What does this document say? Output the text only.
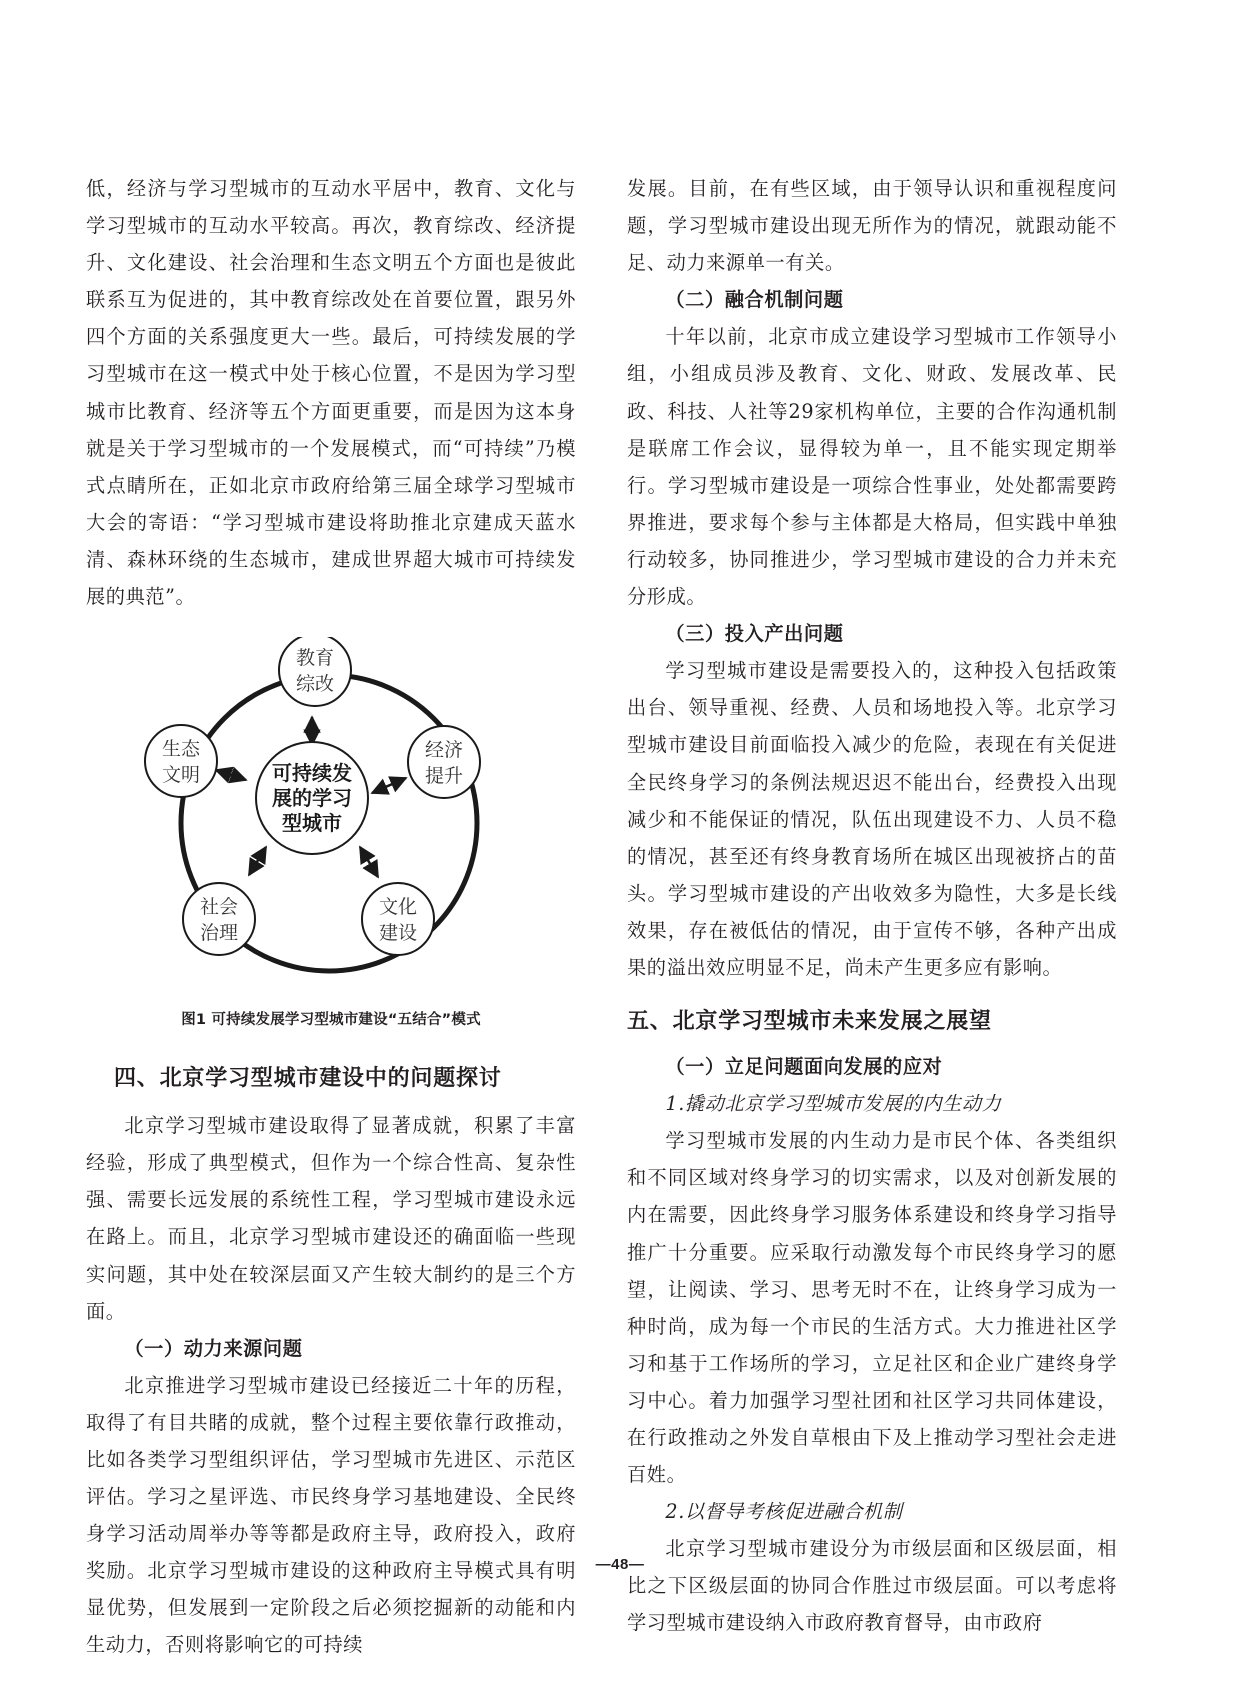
低，经济与学习型城市的互动水平居中，教育、文化与学习型城市的互动水平较高。再次，教育综改、经济提升、文化建设、社会治理和生态文明五个方面也是彼此联系互为促进的，其中教育综改处在首要位置，跟另外四个方面的关系强度更大一些。最后，可持续发展的学习型城市在这一模式中处于核心位置，不是因为学习型城市比教育、经济等五个方面更重要，而是因为这本身就是关于学习型城市的一个发展模式，而“可持续”乃模式点睛所在，正如北京市政府给第三届全球学习型城市大会的寄语：“学习型城市建设将助推北京建成天蓝水清、森林环绕的生态城市，建成世界超大城市可持续发展的典范”。

可持续发
展的学习
型城市
教育
综改
经济
提升
文化
建设
社会
治理
生态
文明

图1 可持续发展学习型城市建设“五结合”模式

四、北京学习型城市建设中的问题探讨

北京学习型城市建设取得了显著成就，积累了丰富经验，形成了典型模式，但作为一个综合性高、复杂性强、需要长远发展的系统性工程，学习型城市建设永远在路上。而且，北京学习型城市建设还的确面临一些现实问题，其中处在较深层面又产生较大制约的是三个方面。

（一）动力来源问题

北京推进学习型城市建设已经接近二十年的历程，取得了有目共睹的成就，整个过程主要依靠行政推动，比如各类学习型组织评估，学习型城市先进区、示范区评估。学习之星评选、市民终身学习基地建设、全民终身学习活动周举办等等都是政府主导，政府投入，政府奖励。北京学习型城市建设的这种政府主导模式具有明显优势，但发展到一定阶段之后必须挖掘新的动能和内生动力，否则将影响它的可持续

发展。目前，在有些区域，由于领导认识和重视程度问题，学习型城市建设出现无所作为的情况，就跟动能不足、动力来源单一有关。

（二）融合机制问题

十年以前，北京市成立建设学习型城市工作领导小组，小组成员涉及教育、文化、财政、发展改革、民政、科技、人社等29家机构单位，主要的合作沟通机制是联席工作会议，显得较为单一，且不能实现定期举行。学习型城市建设是一项综合性事业，处处都需要跨界推进，要求每个参与主体都是大格局，但实践中单独行动较多，协同推进少，学习型城市建设的合力并未充分形成。

（三）投入产出问题

学习型城市建设是需要投入的，这种投入包括政策出台、领导重视、经费、人员和场地投入等。北京学习型城市建设目前面临投入减少的危险，表现在有关促进全民终身学习的条例法规迟迟不能出台，经费投入出现减少和不能保证的情况，队伍出现建设不力、人员不稳的情况，甚至还有终身教育场所在城区出现被挤占的苗头。学习型城市建设的产出收效多为隐性，大多是长线效果，存在被低估的情况，由于宣传不够，各种产出成果的溢出效应明显不足，尚未产生更多应有影响。

五、北京学习型城市未来发展之展望

（一）立足问题面向发展的应对

1.撬动北京学习型城市发展的内生动力

学习型城市发展的内生动力是市民个体、各类组织和不同区域对终身学习的切实需求，以及对创新发展的内在需要，因此终身学习服务体系建设和终身学习指导推广十分重要。应采取行动激发每个市民终身学习的愿望，让阅读、学习、思考无时不在，让终身学习成为一种时尚，成为每一个市民的生活方式。大力推进社区学习和基于工作场所的学习，立足社区和企业广建终身学习中心。着力加强学习型社团和社区学习共同体建设，在行政推动之外发自草根由下及上推动学习型社会走进百姓。

2.以督导考核促进融合机制

北京学习型城市建设分为市级层面和区级层面，相比之下区级层面的协同合作胜过市级层面。可以考虑将学习型城市建设纳入市政府教育督导，由市政府

—48—
